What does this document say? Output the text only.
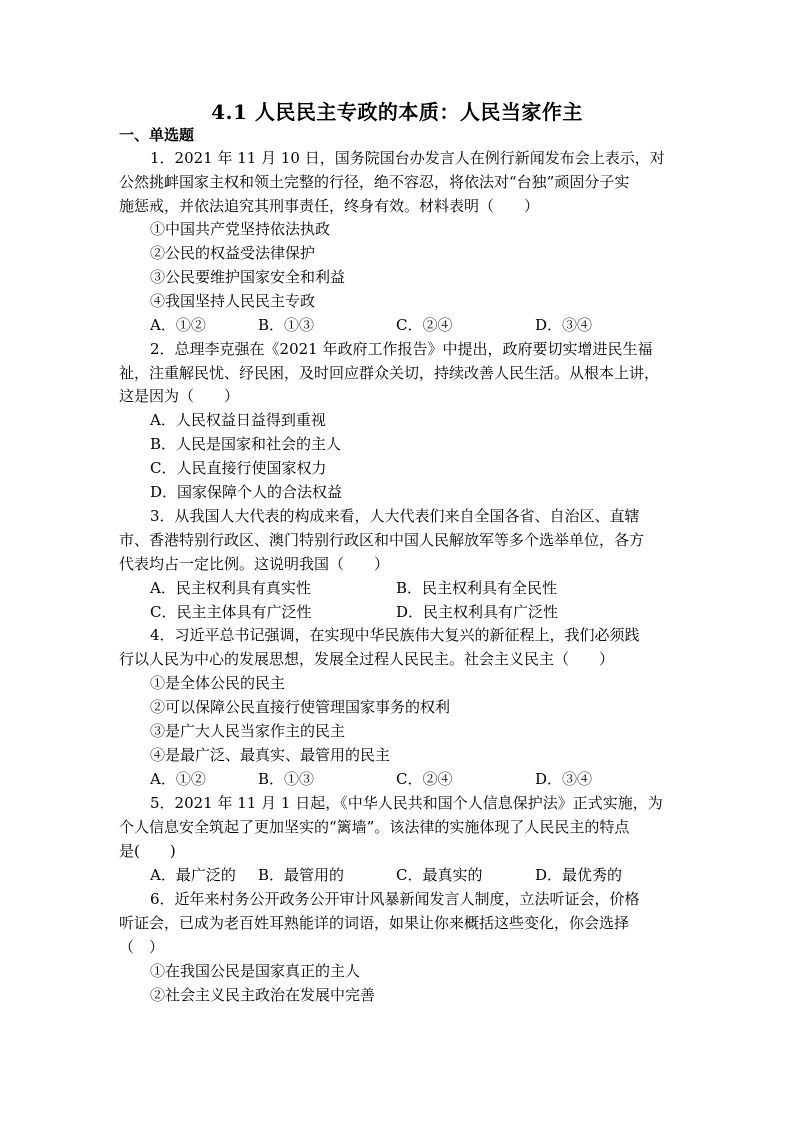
4.1 人民民主专政的本质：人民当家作主
一、单选题
1．2021 年 11 月 10 日，国务院国台办发言人在例行新闻发布会上表示，对
公然挑衅国家主权和领土完整的行径，绝不容忍，将依法对“台独”顽固分子实
施惩戒，并依法追究其刑事责任，终身有效。材料表明（　　）
①中国共产党坚持依法执政
②公民的权益受法律保护
③公民要维护国家安全和利益
④我国坚持人民民主专政
A．①②	B．①③	C．②④	D．③④
2．总理李克强在《2021 年政府工作报告》中提出，政府要切实增进民生福
祉，注重解民忧、纾民困，及时回应群众关切，持续改善人民生活。从根本上讲，
这是因为（　　）
A．人民权益日益得到重视
B．人民是国家和社会的主人
C．人民直接行使国家权力
D．国家保障个人的合法权益
3．从我国人大代表的构成来看，人大代表们来自全国各省、自治区、直辖
市、香港特别行政区、澳门特别行政区和中国人民解放军等多个选举单位，各方
代表均占一定比例。这说明我国（　　）
A．民主权利具有真实性	B．民主权利具有全民性
C．民主主体具有广泛性	D．民主权利具有广泛性
4．习近平总书记强调，在实现中华民族伟大复兴的新征程上，我们必须践
行以人民为中心的发展思想，发展全过程人民民主。社会主义民主（　　）
①是全体公民的民主
②可以保障公民直接行使管理国家事务的权利
③是广大人民当家作主的民主
④是最广泛、最真实、最管用的民主
A．①②	B．①③	C．②④	D．③④
5．2021 年 11 月 1 日起，《中华人民共和国个人信息保护法》正式实施，为
个人信息安全筑起了更加坚实的“篱墙”。该法律的实施体现了人民民主的特点
是(　　)
A．最广泛的 B．最管用的	C．最真实的	D．最优秀的
6．近年来村务公开政务公开审计风暴新闻发言人制度，立法听证会，价格
听证会，已成为老百姓耳熟能详的词语，如果让你来概括这些变化，你会选择
（　）
①在我国公民是国家真正的主人
②社会主义民主政治在发展中完善
